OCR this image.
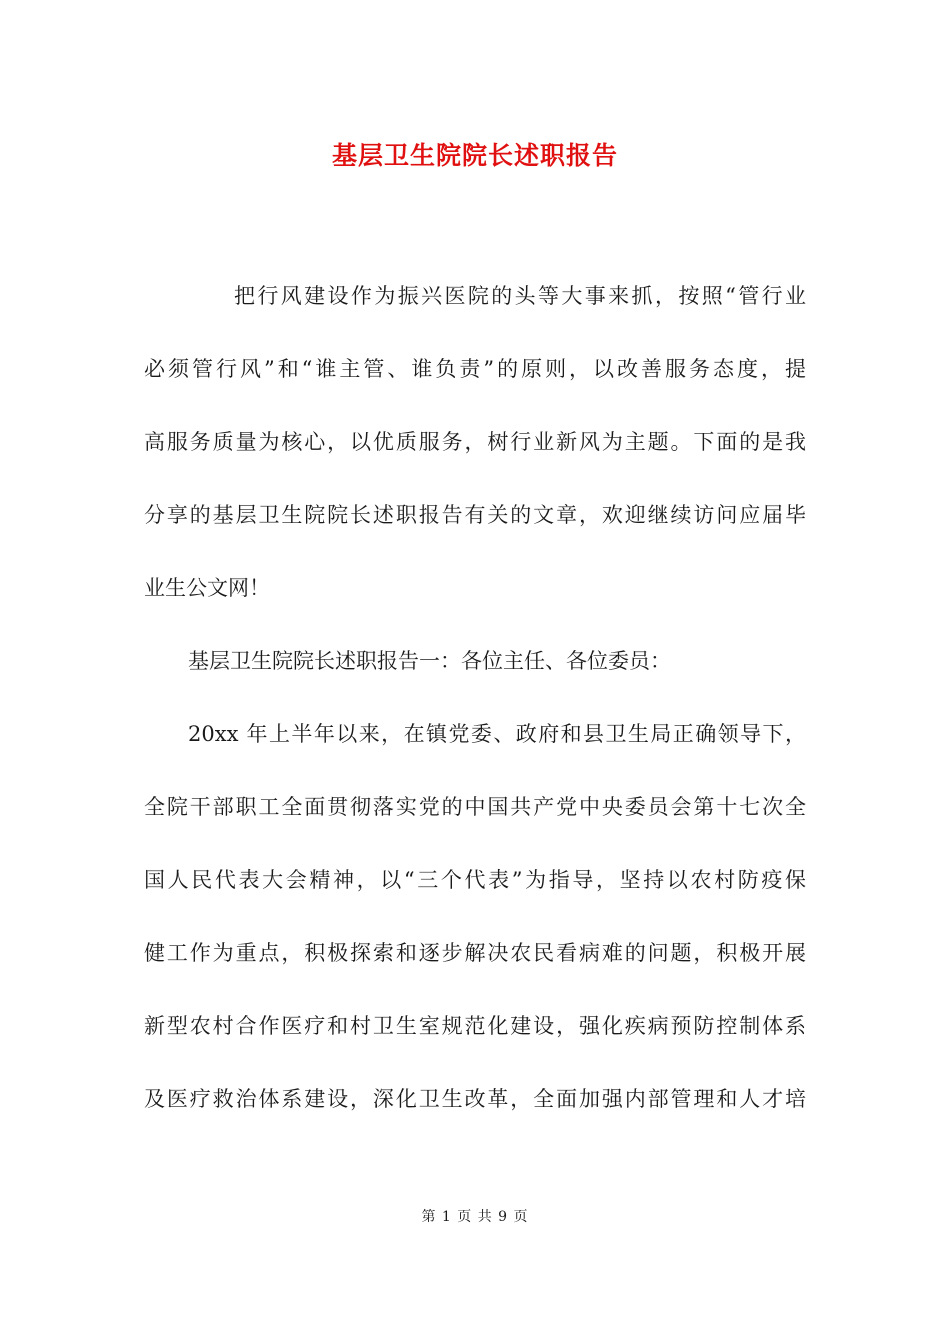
基层卫生院院长述职报告
把行风建设作为振兴医院的头等大事来抓，按照“管行业
必须管行风”和“谁主管、谁负责”的原则，以改善服务态度，提
高服务质量为核心，以优质服务，树行业新风为主题。下面的是我
分享的基层卫生院院长述职报告有关的文章，欢迎继续访问应届毕
业生公文网！
基层卫生院院长述职报告一：各位主任、各位委员：
20xx 年上半年以来，在镇党委、政府和县卫生局正确领导下，
全院干部职工全面贯彻落实党的中国共产党中央委员会第十七次全
国人民代表大会精神，以“三个代表”为指导，坚持以农村防疫保
健工作为重点，积极探索和逐步解决农民看病难的问题，积极开展
新型农村合作医疗和村卫生室规范化建设，强化疾病预防控制体系
及医疗救治体系建设，深化卫生改革，全面加强内部管理和人才培
第 1 页 共 9 页
